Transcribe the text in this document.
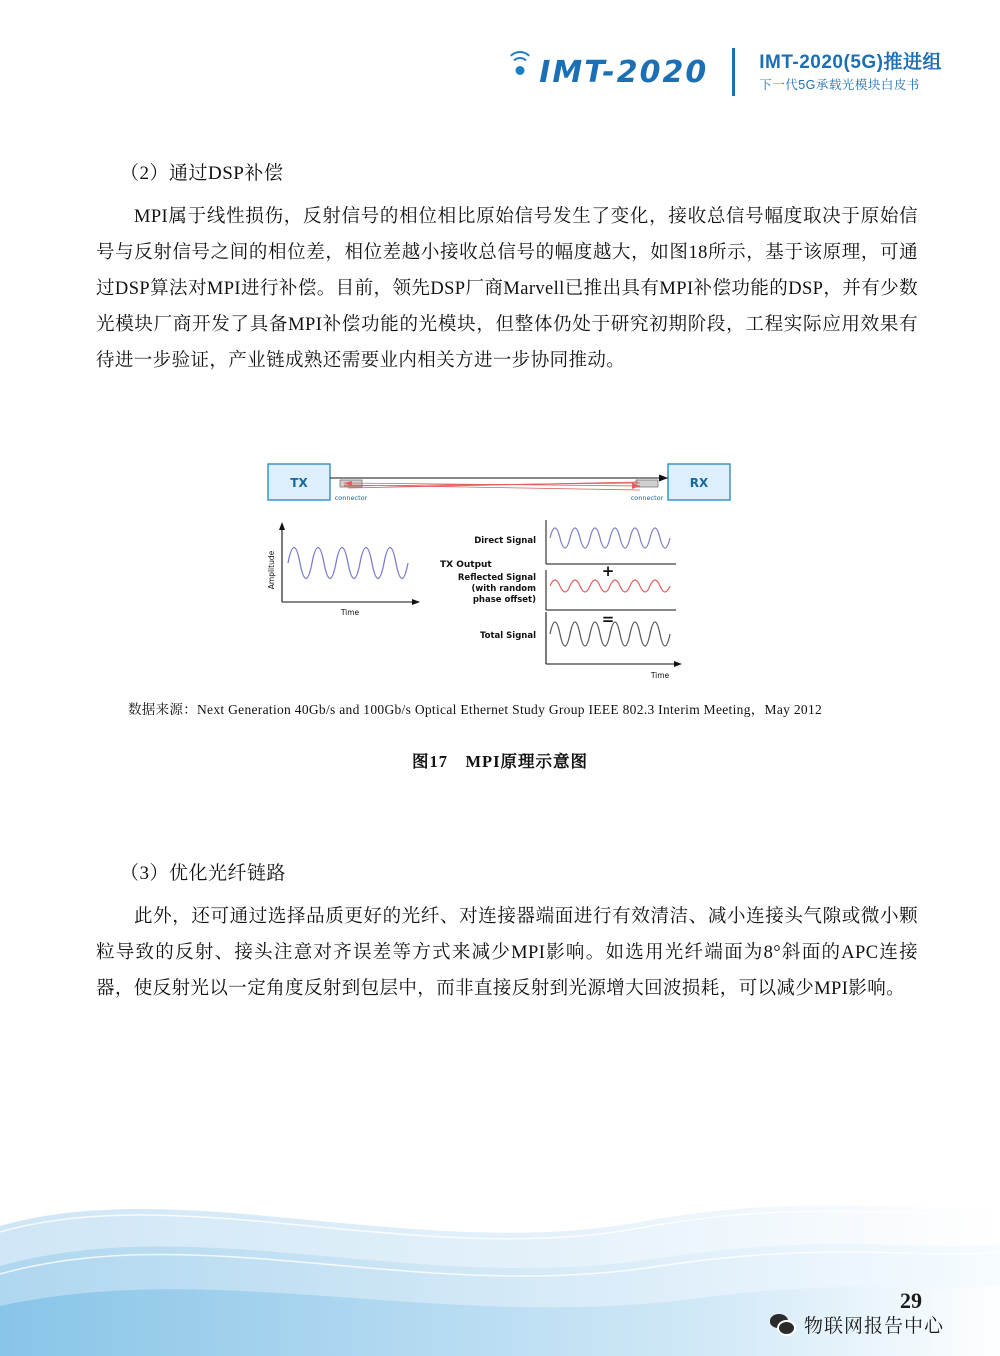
IMT-2020	IMT-2020(5G)推进组
下一代5G承载光模块白皮书
（2）通过DSP补偿

MPI属于线性损伤，反射信号的相位相比原始信号发生了变化，接收总信号幅度取决于原始信号与反射信号之间的相位差，相位差越小接收总信号的幅度越大，如图18所示，基于该原理，可通过DSP算法对MPI进行补偿。目前，领先DSP厂商Marvell已推出具有MPI补偿功能的DSP，并有少数光模块厂商开发了具备MPI补偿功能的光模块，但整体仍处于研究初期阶段，工程实际应用效果有待进一步验证，产业链成熟还需要业内相关方进一步协同推动。

TX	RX
connector	connector
Amplitude
Time
TX Output
Direct Signal
+
Reflected Signal
(with random
phase offset)
=
Total Signal
Time
数据来源：Next Generation 40Gb/s and 100Gb/s Optical Ethernet Study Group IEEE 802.3 Interim Meeting，May 2012
图17　MPI原理示意图
（3）优化光纤链路

此外，还可通过选择品质更好的光纤、对连接器端面进行有效清洁、减小连接头气隙或微小颗粒导致的反射、接头注意对齐误差等方式来减少MPI影响。如选用光纤端面为8°斜面的APC连接器，使反射光以一定角度反射到包层中，而非直接反射到光源增大回波损耗，可以减少MPI影响。

29
物联网报告中心
